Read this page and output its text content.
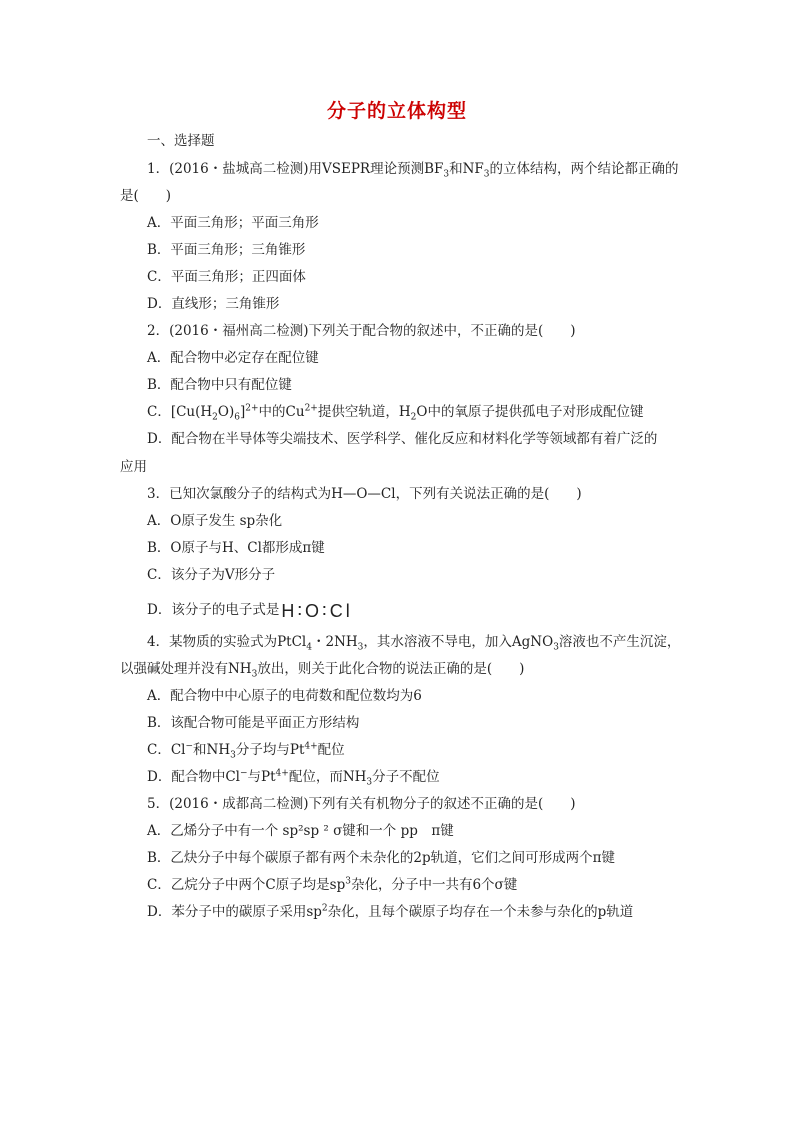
分子的立体构型
一、选择题
1．(2016・盐城高二检测)用VSEPR理论预测$BF_3$和$NF_3$的立体结构，两个结论都正确的
是(　　)
A．平面三角形；平面三角形
B．平面三角形；三角锥形
C．平面三角形；正四面体
D．直线形；三角锥形
2．(2016・福州高二检测)下列关于配合物的叙述中，不正确的是(　　)
A．配合物中必定存在配位键
B．配合物中只有配位键
C．$[Cu(H_2O)_6]^{2+}$中的$Cu^{2+}$提供空轨道，$H_2O$中的氧原子提供孤电子对形成配位键
D．配合物在半导体等尖端技术、医学科学、催化反应和材料化学等领域都有着广泛的
应用
3．已知次氯酸分子的结构式为H—O—Cl，下列有关说法正确的是(　　)
A．O原子发生 sp杂化
B．O原子与H、Cl都形成π键
C．该分子为V形分子
D．该分子的电子式是 H∶O∶Cl
4．某物质的实验式为PtCl$_4$・$2NH_3$，其水溶液不导电，加入AgNO$_3$溶液也不产生沉淀，
以强碱处理并没有$NH_3$放出，则关于此化合物的说法正确的是(　　)
A．配合物中中心原子的电荷数和配位数均为6
B．该配合物可能是平面正方形结构
C．Cl−和$NH_3$分子均与$Pt^{4+}$配位
D．配合物中Cl−与$Pt^{4+}$配位，而$NH_3$分子不配位
5．(2016・成都高二检测)下列有关有机物分子的叙述不正确的是(　　)
A．乙烯分子中有一个 sp²sp ² σ键和一个 pp　π键
B．乙炔分子中每个碳原子都有两个未杂化的2p轨道，它们之间可形成两个π键
C．乙烷分子中两个C原子均是$sp^3$杂化，分子中一共有6个σ键
D．苯分子中的碳原子采用$sp^2$杂化，且每个碳原子均存在一个未参与杂化的p轨道
